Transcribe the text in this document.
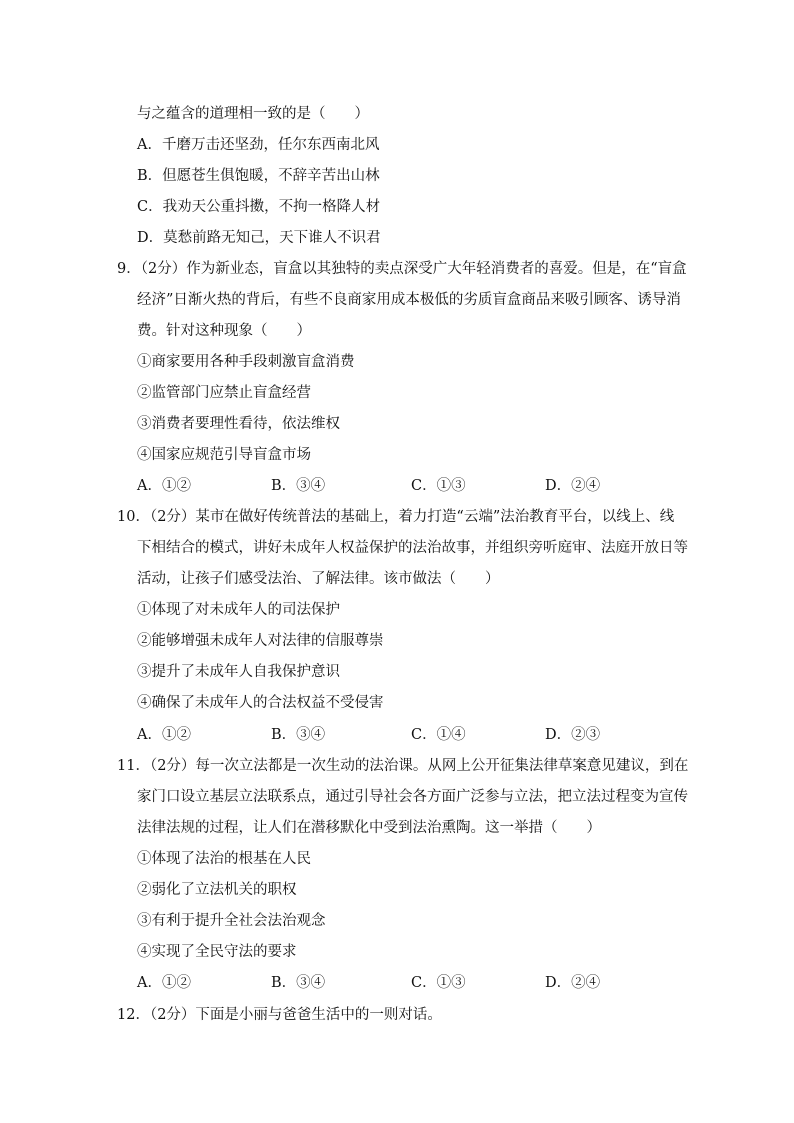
与之蕴含的道理相一致的是（　　）
A．千磨万击还坚劲，任尔东西南北风
B．但愿苍生俱饱暖，不辞辛苦出山林
C．我劝天公重抖擞，不拘一格降人材
D．莫愁前路无知己，天下谁人不识君
9．（2分）作为新业态，盲盒以其独特的卖点深受广大年轻消费者的喜爱。但是，在“盲盒
经济”日渐火热的背后，有些不良商家用成本极低的劣质盲盒商品来吸引顾客、诱导消
费。针对这种现象（　　）
①商家要用各种手段刺激盲盒消费
②监管部门应禁止盲盒经营
③消费者要理性看待，依法维权
④国家应规范引导盲盒市场
A．①②	B．③④	C．①③	D．②④
10．（2分）某市在做好传统普法的基础上，着力打造“云端”法治教育平台，以线上、线
下相结合的模式，讲好未成年人权益保护的法治故事，并组织旁听庭审、法庭开放日等
活动，让孩子们感受法治、了解法律。该市做法（　　）
①体现了对未成年人的司法保护
②能够增强未成年人对法律的信服尊崇
③提升了未成年人自我保护意识
④确保了未成年人的合法权益不受侵害
A．①②	B．③④	C．①④	D．②③
11．（2分）每一次立法都是一次生动的法治课。从网上公开征集法律草案意见建议，到在
家门口设立基层立法联系点，通过引导社会各方面广泛参与立法，把立法过程变为宣传
法律法规的过程，让人们在潜移默化中受到法治熏陶。这一举措（　　）
①体现了法治的根基在人民
②弱化了立法机关的职权
③有利于提升全社会法治观念
④实现了全民守法的要求
A．①②	B．③④	C．①③	D．②④
12．（2分）下面是小丽与爸爸生活中的一则对话。
